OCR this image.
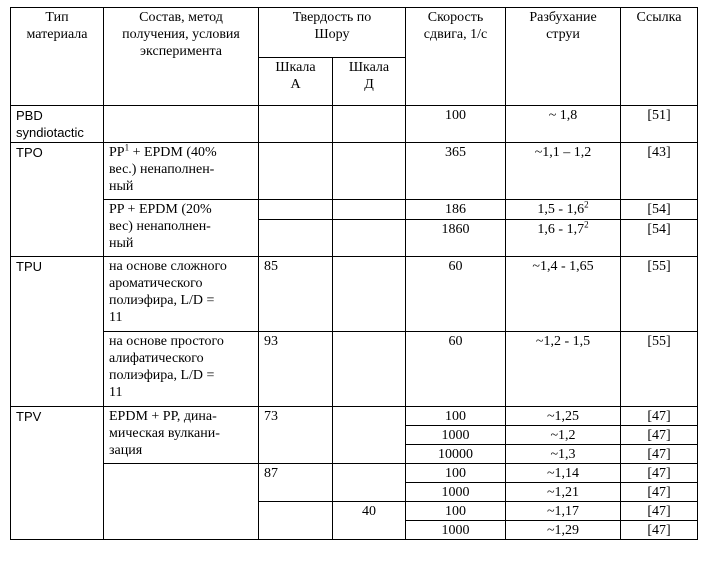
Тип
материала	Состав, метод
получения, условия
эксперимента	Твердость по
Шору		Скорость
сдвига, 1/с	Разбухание
струи	Ссылка

		Шкала
А	Шкала
Д			

PBD
syndiotactic				100	~ 1,8	[51]
TPO	$PP^1$ + EPDM (40%
вес.) ненаполнен-
ный			365	~1,1 – 1,2	[43]

	PP + EPDM (20%
вес) ненаполнен-
ный			186	$1,5 - 1,6^2$	[54]
				1860	$1,6 - 1,7^2$	[54]
TPU	на основе сложного
ароматического
полиэфира, L/D =
11	85		60	~1,4 - 1,65	[55]

	на основе простого
алифатического
полиэфира, L/D =
11	93		60	~1,2 - 1,5	[55]
TPV	EPDM + PP, дина-
мическая вулкани-
зация	73		100	~1,25	[47]
				1000	~1,2	[47]
				10000	~1,3	[47]
		87		100	~1,14	[47]
				1000	~1,21	[47]
			40	100	~1,17	[47]
				1000	~1,29	[47]
